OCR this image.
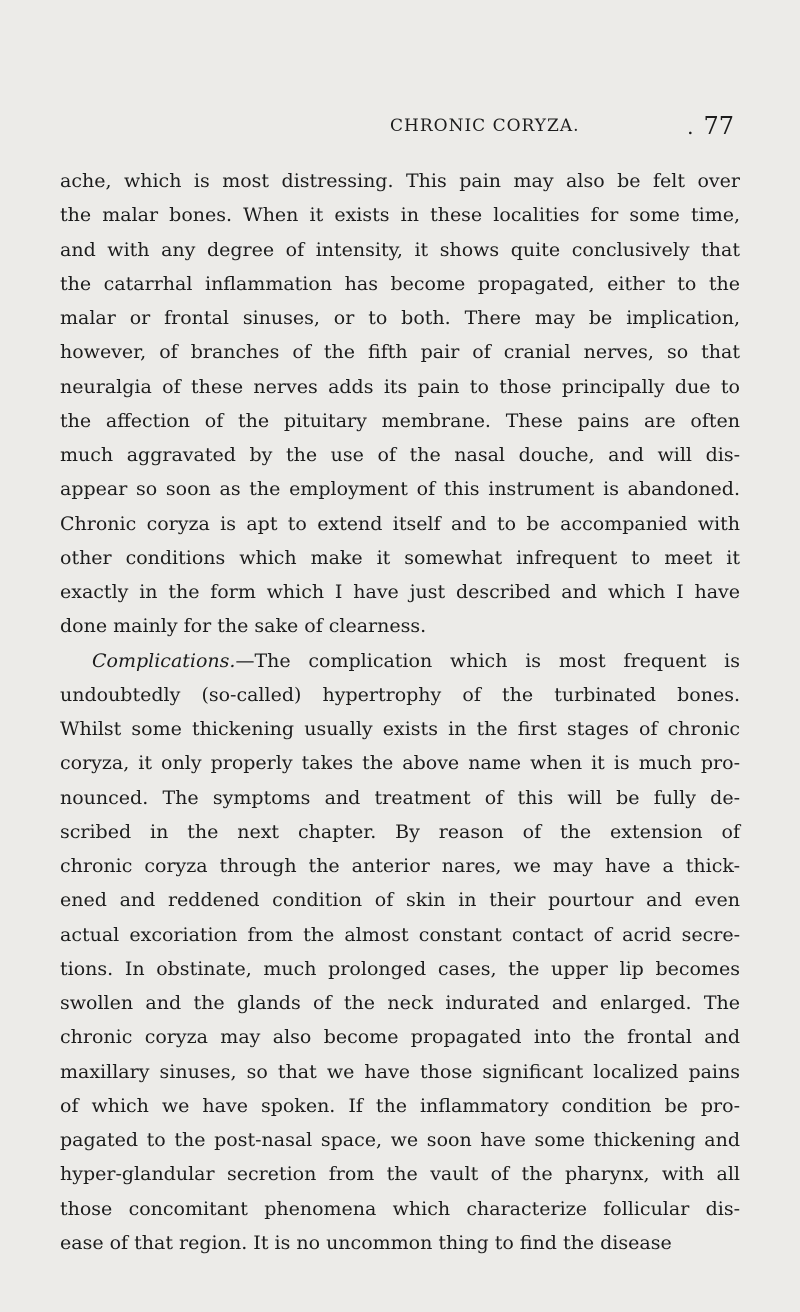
CHRONIC CORYZA.
.	77
ache, which is most distressing. This pain may also be felt over
the malar bones. When it exists in these localities for some time,
and with any degree of intensity, it shows quite conclusively that
the catarrhal inflammation has become propagated, either to the
malar or frontal sinuses, or to both. There may be implication,
however, of branches of the fifth pair of cranial nerves, so that
neuralgia of these nerves adds its pain to those principally due to
the affection of the pituitary membrane. These pains are often
much aggravated by the use of the nasal douche, and will dis-
appear so soon as the employment of this instrument is abandoned.
Chronic coryza is apt to extend itself and to be accompanied with
other conditions which make it somewhat infrequent to meet it
exactly in the form which I have just described and which I have
done mainly for the sake of clearness.
Complications.—The complication which is most frequent is
undoubtedly (so-called) hypertrophy of the turbinated bones.
Whilst some thickening usually exists in the first stages of chronic
coryza, it only properly takes the above name when it is much pro-
nounced. The symptoms and treatment of this will be fully de-
scribed in the next chapter. By reason of the extension of
chronic coryza through the anterior nares, we may have a thick-
ened and reddened condition of skin in their pourtour and even
actual excoriation from the almost constant contact of acrid secre-
tions. In obstinate, much prolonged cases, the upper lip becomes
swollen and the glands of the neck indurated and enlarged. The
chronic coryza may also become propagated into the frontal and
maxillary sinuses, so that we have those significant localized pains
of which we have spoken. If the inflammatory condition be pro-
pagated to the post-nasal space, we soon have some thickening and
hyper-glandular secretion from the vault of the pharynx, with all
those concomitant phenomena which characterize follicular dis-
ease of that region. It is no uncommon thing to find the disease
